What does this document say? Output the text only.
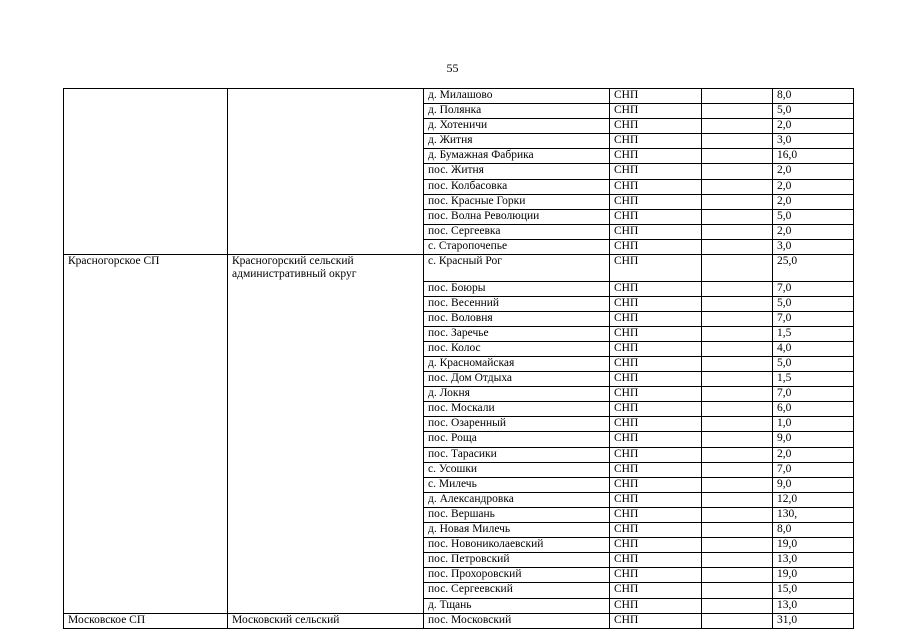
55
		д. Милашово	СНП		8,0
		д. Полянка	СНП		5,0
		д. Хотеничи	СНП		2,0
		д. Житня	СНП		3,0
		д. Бумажная Фабрика	СНП		16,0
		пос. Житня	СНП		2,0
		пос. Колбасовка	СНП		2,0
		пос. Красные Горки	СНП		2,0
		пос. Волна Революции	СНП		5,0
		пос. Сергеевка	СНП		2,0
		с. Старопочепье	СНП		3,0
Красногорское СП	Красногорский сельский административный округ	с. Красный Рог	СНП		25,0
		пос. Боюры	СНП		7,0
		пос. Весенний	СНП		5,0
		пос. Воловня	СНП		7,0
		пос. Заречье	СНП		1,5
		пос. Колос	СНП		4,0
		д. Красномайская	СНП		5,0
		пос. Дом Отдыха	СНП		1,5
		д. Локня	СНП		7,0
		пос. Москали	СНП		6,0
		пос. Озаренный	СНП		1,0
		пос. Роща	СНП		9,0
		пос. Тарасики	СНП		2,0
		с. Усошки	СНП		7,0
		с. Милечь	СНП		9,0
		д. Александровка	СНП		12,0
		пос. Вершань	СНП		130,
		д. Новая Милечь	СНП		8,0
		пос. Новониколаевский	СНП		19,0
		пос. Петровский	СНП		13,0
		пос. Прохоровский	СНП		19,0
		пос. Сергеевский	СНП		15,0
		д. Тщань	СНП		13,0
Московское СП	Московский сельский	пос. Московский	СНП		31,0
